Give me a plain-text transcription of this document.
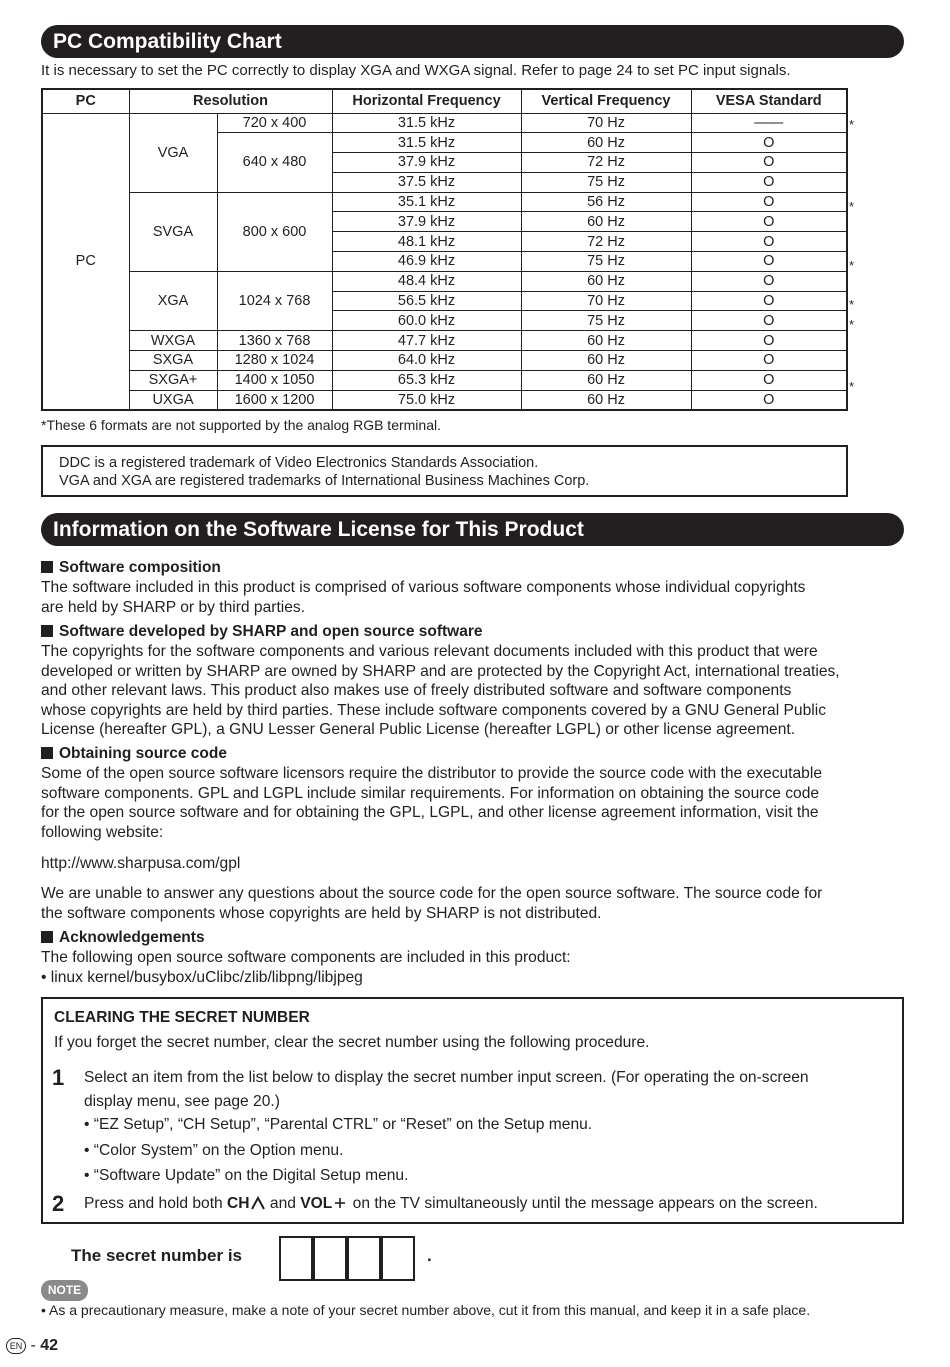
PC Compatibility Chart
It is necessary to set the PC correctly to display XGA and WXGA signal. Refer to page 24 to set PC input signals.
PC	Resolution		Horizontal Frequency	Vertical Frequency	VESA Standard
PC	VGA	720 x 400	31.5 kHz	70 Hz	——
		640 x 480	31.5 kHz	60 Hz	O
			37.9 kHz	72 Hz	O
			37.5 kHz	75 Hz	O
	SVGA	800 x 600	35.1 kHz	56 Hz	O
			37.9 kHz	60 Hz	O
			48.1 kHz	72 Hz	O
			46.9 kHz	75 Hz	O
	XGA	1024 x 768	48.4 kHz	60 Hz	O
			56.5 kHz	70 Hz	O
			60.0 kHz	75 Hz	O
	WXGA	1360 x 768	47.7 kHz	60 Hz	O
	SXGA	1280 x 1024	64.0 kHz	60 Hz	O
	SXGA+	1400 x 1050	65.3 kHz	60 Hz	O
	UXGA	1600 x 1200	75.0 kHz	60 Hz	O
*
*
*
*
*
*
*These 6 formats are not supported by the analog RGB terminal.
DDC is a registered trademark of Video Electronics Standards Association.
VGA and XGA are registered trademarks of International Business Machines Corp.
Information on the Software License for This Product
Software composition
The software included in this product is comprised of various software components whose individual copyrights
are held by SHARP or by third parties.
Software developed by SHARP and open source software
The copyrights for the software components and various relevant documents included with this product that were
developed or written by SHARP are owned by SHARP and are protected by the Copyright Act, international treaties,
and other relevant laws. This product also makes use of freely distributed software and software components
whose copyrights are held by third parties. These include software components covered by a GNU General Public
License (hereafter GPL), a GNU Lesser General Public License (hereafter LGPL) or other license agreement.
Obtaining source code
Some of the open source software licensors require the distributor to provide the source code with the executable
software components. GPL and LGPL include similar requirements. For information on obtaining the source code
for the open source software and for obtaining the GPL, LGPL, and other license agreement information, visit the
following website:
http://www.sharpusa.com/gpl
We are unable to answer any questions about the source code for the open source software. The source code for
the software components whose copyrights are held by SHARP is not distributed.
Acknowledgements
The following open source software components are included in this product:
• linux kernel/busybox/uClibc/zlib/libpng/libjpeg
CLEARING THE SECRET NUMBER
If you forget the secret number, clear the secret number using the following procedure.
1 Select an item from the list below to display the secret number input screen. (For operating the on-screen
display menu, see page 20.)
• “EZ Setup”, “CH Setup”, “Parental CTRL” or “Reset” on the Setup menu.
• “Color System” on the Option menu.
• “Software Update” on the Digital Setup menu.
2 Press and hold both CH and VOL on the TV simultaneously until the message appears on the screen.
The secret number is	.
NOTE
• As a precautionary measure, make a note of your secret number above, cut it from this manual, and keep it in a safe place.
EN - 42
